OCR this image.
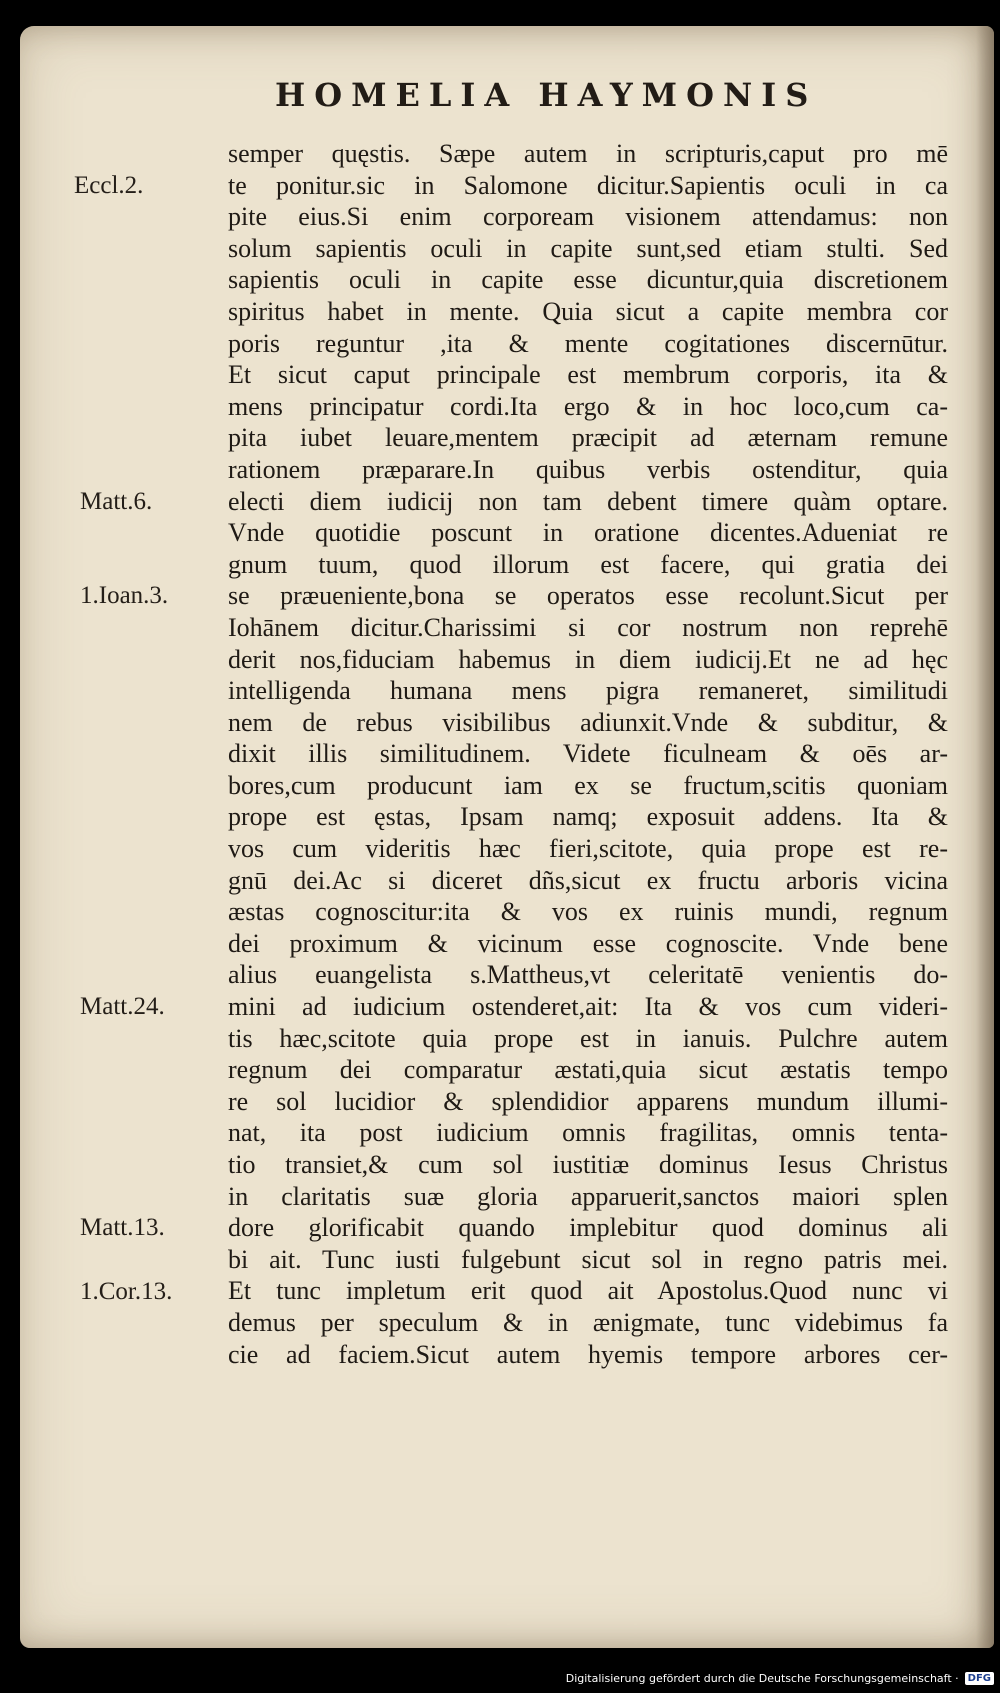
HOMELIA HAYMONIS
Eccl.2.
Matt.6.
1.Ioan.3.
Matt.24.
Matt.13.
1.Cor.13.
semper quęstis. Sæpe autem in scripturis,caput pro mē
te ponitur.sic in Salomone dicitur.Sapientis oculi in ca
pite eius.Si enim corpoream visionem attendamus: non
solum sapientis oculi in capite sunt,sed etiam stulti. Sed
sapientis oculi in capite esse dicuntur,quia discretionem
spiritus habet in mente. Quia sicut a capite membra cor
poris reguntur ,ita & mente cogitationes discernūtur.
Et sicut caput principale est membrum corporis, ita &
mens principatur cordi.Ita ergo & in hoc loco,cum ca-
pita iubet leuare,mentem præcipit ad æternam remune
rationem præparare.In quibus verbis ostenditur, quia
electi diem iudicij non tam debent timere quàm optare.
Vnde quotidie poscunt in oratione dicentes.Adueniat re
gnum tuum, quod illorum est facere, qui gratia dei
se præueniente,bona se operatos esse recolunt.Sicut per
Iohānem dicitur.Charissimi si cor nostrum non reprehē
derit nos,fiduciam habemus in diem iudicij.Et ne ad hęc
intelligenda humana mens pigra remaneret, similitudi
nem de rebus visibilibus adiunxit.Vnde & subditur, &
dixit illis similitudinem. Videte ficulneam & oēs ar-
bores,cum producunt iam ex se fructum,scitis quoniam
prope est ęstas, Ipsam namq; exposuit addens. Ita &
vos cum videritis hæc fieri,scitote, quia prope est re-
gnū dei.Ac si diceret dñs,sicut ex fructu arboris vicina
æstas cognoscitur:ita & vos ex ruinis mundi, regnum
dei proximum & vicinum esse cognoscite. Vnde bene
alius euangelista s.Mattheus,vt celeritatē venientis do-
mini ad iudicium ostenderet,ait: Ita & vos cum videri-
tis hæc,scitote quia prope est in ianuis. Pulchre autem
regnum dei comparatur æstati,quia sicut æstatis tempo
re sol lucidior & splendidior apparens mundum illumi-
nat, ita post iudicium omnis fragilitas, omnis tenta-
tio transiet,& cum sol iustitiæ dominus Iesus Christus
in claritatis suæ gloria apparuerit,sanctos maiori splen
dore glorificabit quando implebitur quod dominus ali
bi ait. Tunc iusti fulgebunt sicut sol in regno patris mei.
Et tunc impletum erit quod ait Apostolus.Quod nunc vi
demus per speculum & in ænigmate, tunc videbimus fa
cie ad faciem.Sicut autem hyemis tempore arbores cer-
Digitalisierung gefördert durch die Deutsche Forschungsgemeinschaft · DFG
